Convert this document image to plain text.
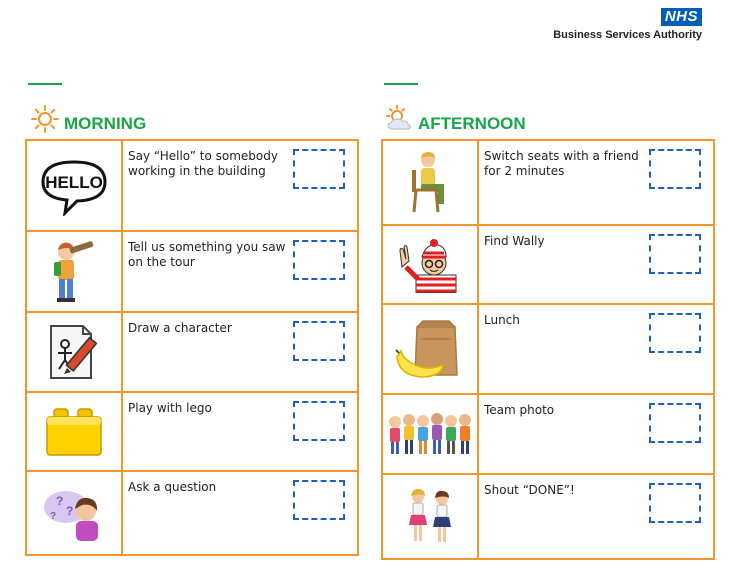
NHS
Business Services Authority
MORNING	AFTERNOON
HELLO	Say “Hello” to somebody working in the building

Tell us something you saw on the tour

Draw a character

Play with lego

?
?
?	Ask a question

Switch seats with a friend for 2 minutes

Find Wally

Lunch

Team photo

Shout “DONE”!
